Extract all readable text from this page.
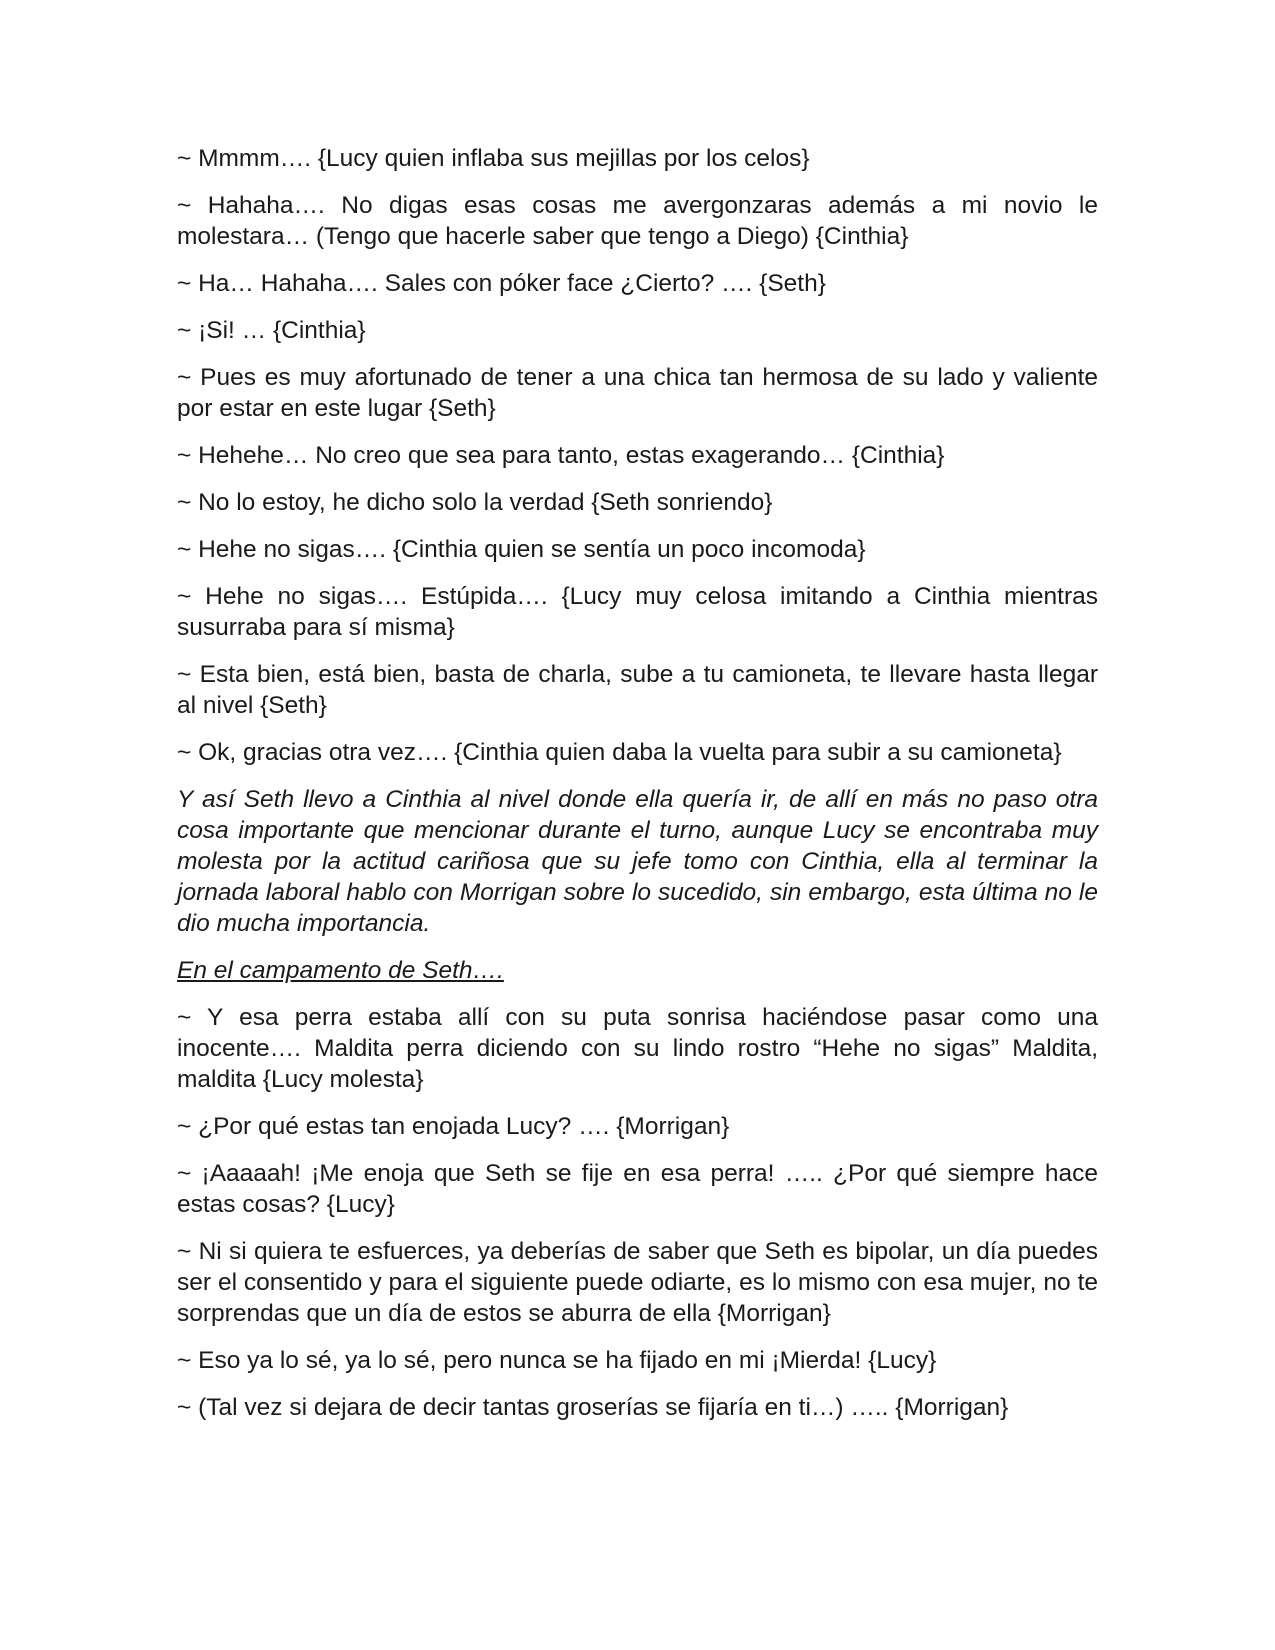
~ Mmmm…. {Lucy quien inflaba sus mejillas por los celos}

~ Hahaha…. No digas esas cosas me avergonzaras además a mi novio le molestara… (Tengo que hacerle saber que tengo a Diego) {Cinthia}

~ Ha… Hahaha…. Sales con póker face ¿Cierto? …. {Seth}

~ ¡Si! … {Cinthia}

~ Pues es muy afortunado de tener a una chica tan hermosa de su lado y valiente por estar en este lugar {Seth}

~ Hehehe… No creo que sea para tanto, estas exagerando… {Cinthia}

~ No lo estoy, he dicho solo la verdad {Seth sonriendo}

~ Hehe no sigas…. {Cinthia quien se sentía un poco incomoda}

~ Hehe no sigas…. Estúpida…. {Lucy muy celosa imitando a Cinthia mientras susurraba para sí misma}

~ Esta bien, está bien, basta de charla, sube a tu camioneta, te llevare hasta llegar al nivel {Seth}

~ Ok, gracias otra vez…. {Cinthia quien daba la vuelta para subir a su camioneta}

Y así Seth llevo a Cinthia al nivel donde ella quería ir, de allí en más no paso otra cosa importante que mencionar durante el turno, aunque Lucy se encontraba muy molesta por la actitud cariñosa que su jefe tomo con Cinthia, ella al terminar la jornada laboral hablo con Morrigan sobre lo sucedido, sin embargo, esta última no le dio mucha importancia.

En el campamento de Seth….

~ Y esa perra estaba allí con su puta sonrisa haciéndose pasar como una inocente…. Maldita perra diciendo con su lindo rostro “Hehe no sigas” Maldita, maldita {Lucy molesta}

~ ¿Por qué estas tan enojada Lucy? …. {Morrigan}

~ ¡Aaaaah! ¡Me enoja que Seth se fije en esa perra! ….. ¿Por qué siempre hace estas cosas? {Lucy}

~ Ni si quiera te esfuerces, ya deberías de saber que Seth es bipolar, un día puedes ser el consentido y para el siguiente puede odiarte, es lo mismo con esa mujer, no te sorprendas que un día de estos se aburra de ella {Morrigan}

~ Eso ya lo sé, ya lo sé, pero nunca se ha fijado en mi ¡Mierda! {Lucy}

~ (Tal vez si dejara de decir tantas groserías se fijaría en ti…) ….. {Morrigan}
